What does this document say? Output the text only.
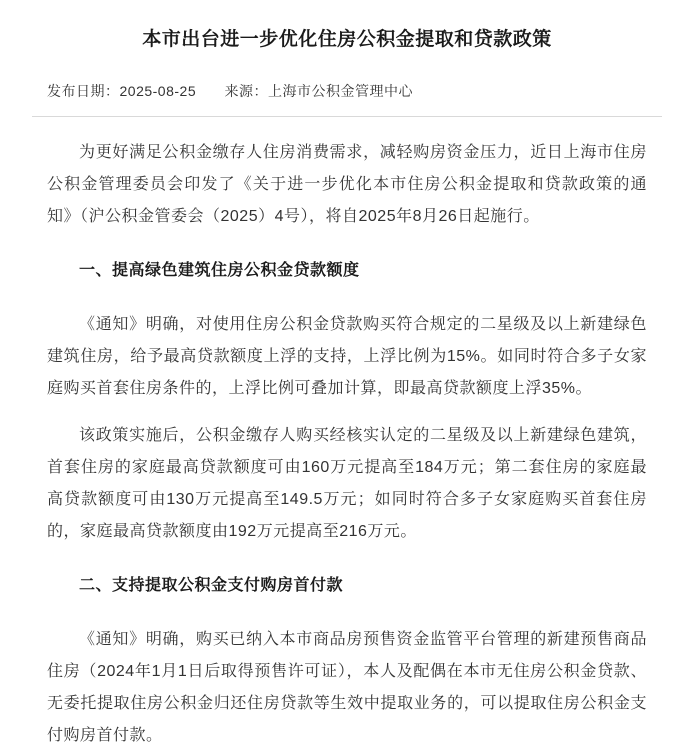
本市出台进一步优化住房公积金提取和贷款政策
发布日期：2025-08-25 来源：上海市公积金管理中心

为更好满足公积金缴存人住房消费需求，减轻购房资金压力，近日上海市住房公积金管理委员会印发了《关于进一步优化本市住房公积金提取和贷款政策的通知》（沪公积金管委会（2025）4号），将自2025年8月26日起施行。

一、提高绿色建筑住房公积金贷款额度

《通知》明确，对使用住房公积金贷款购买符合规定的二星级及以上新建绿色建筑住房，给予最高贷款额度上浮的支持，上浮比例为15%。如同时符合多子女家庭购买首套住房条件的，上浮比例可叠加计算，即最高贷款额度上浮35%。

该政策实施后，公积金缴存人购买经核实认定的二星级及以上新建绿色建筑，首套住房的家庭最高贷款额度可由160万元提高至184万元；第二套住房的家庭最高贷款额度可由130万元提高至149.5万元；如同时符合多子女家庭购买首套住房的，家庭最高贷款额度由192万元提高至216万元。

二、支持提取公积金支付购房首付款

《通知》明确，购买已纳入本市商品房预售资金监管平台管理的新建预售商品住房（2024年1月1日后取得预售许可证），本人及配偶在本市无住房公积金贷款、无委托提取住房公积金归还住房贷款等生效中提取业务的，可以提取住房公积金支付购房首付款。
